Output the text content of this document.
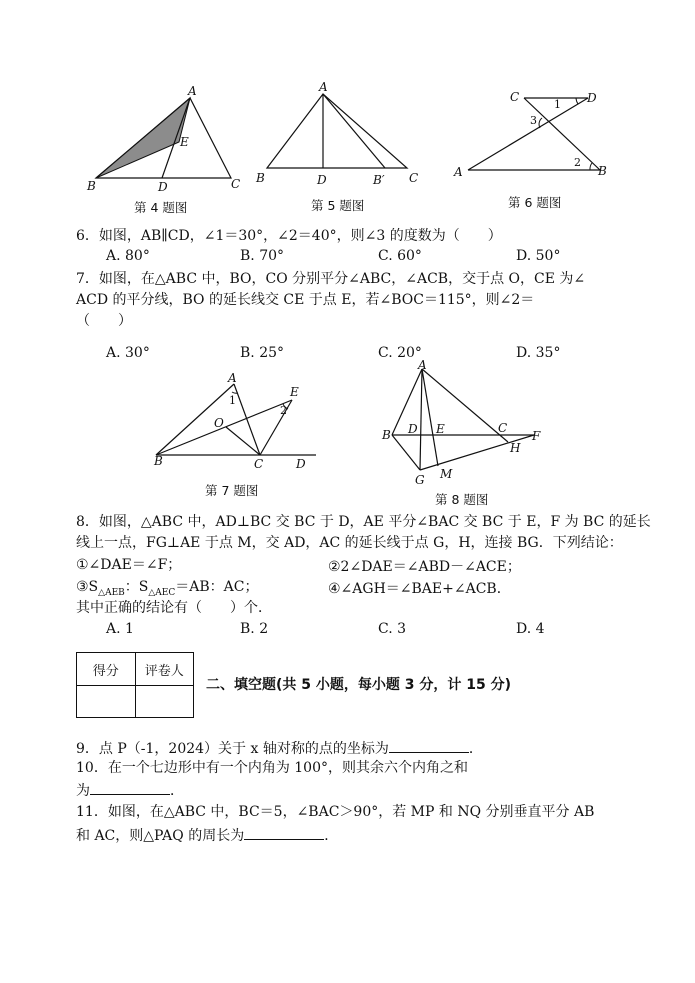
A
B	C
D
E
第 4 题图
A
B	D	B′ C
第 5 题图
C	D
A	B
1
2
3
第 6 题图
6．如图，AB∥CD，∠1＝30°，∠2＝40°，则∠3 的度数为（　　）
A. 80°	B. 70°	C. 60°	D. 50°
7．如图，在△ABC 中，BO，CO 分别平分∠ABC，∠ACB，交于点 O，CE 为∠
ACD 的平分线，BO 的延长线交 CE 于点 E，若∠BOC＝115°，则∠2＝
（　　）
A. 30°	B. 25°	C. 20°	D. 35°
A
B	C	D
E
O
1
2
第 7 题图
A
B D E	C
F
H
M
G
第 8 题图
8．如图，△ABC 中，AD⊥BC 交 BC 于 D，AE 平分∠BAC 交 BC 于 E，F 为 BC 的延长
线上一点，FG⊥AE 于点 M，交 AD，AC 的延长线于点 G，H，连接 BG．下列结论：
①∠DAE＝∠F；	②2∠DAE＝∠ABD－∠ACE；
$③S_{\triangle AEB}$：$S_{\triangle AEC}=AB$：AC；	④∠AGH＝∠BAE+∠ACB．
其中正确的结论有（　　）个．
A. 1	B. 2	C. 3	D. 4
得分	评卷人

二、填空题(共 5 小题，每小题 3 分，计 15 分)
9．点 P（-1，2024）关于 x 轴对称的点的坐标为	．
10．在一个七边形中有一个内角为 100°，则其余六个内角之和
为	．
11．如图，在△ABC 中，BC＝5，∠BAC＞90°，若 MP 和 NQ 分别垂直平分 AB
和 AC，则△PAQ 的周长为	．
